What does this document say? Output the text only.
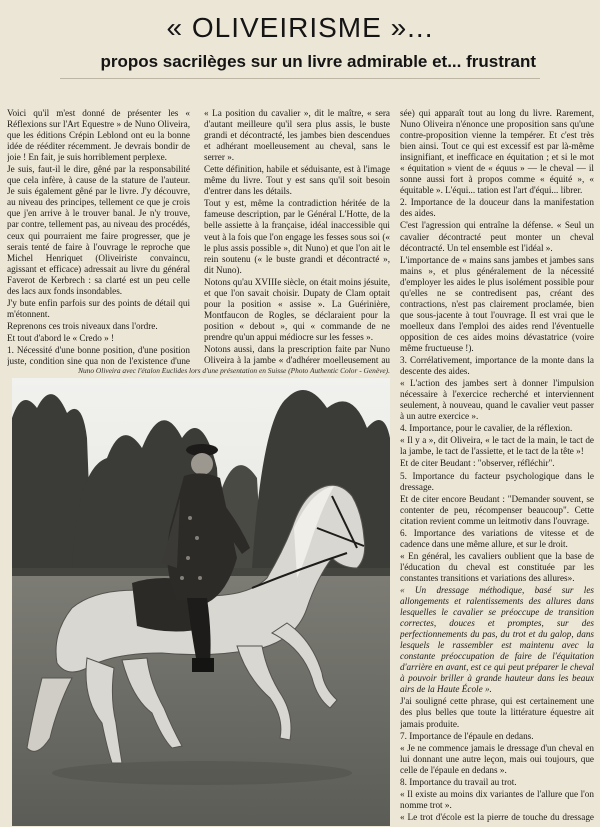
« OLIVEIRISME »...
propos sacrilèges sur un livre admirable et... frustrant

Voici qu'il m'est donné de présenter les « Réflexions sur l'Art Equestre » de Nuno Oliveira, que les éditions Crépin Leblond ont eu la bonne idée de rééditer récemment. Je devrais bondir de joie ! En fait, je suis horriblement perplexe.

Je suis, faut-il le dire, gêné par la responsabilité que cela infère, à cause de la stature de l'auteur. Je suis également gêné par le livre. J'y découvre, au niveau des principes, tellement ce que je crois que j'en arrive à le trouver banal. Je n'y trouve, par contre, tellement pas, au niveau des procédés, ceux qui pourraient me faire progresser, que je serais tenté de faire à l'ouvrage le reproche que Michel Henriquet (Oliveiriste convaincu, agissant et efficace) adressait au livre du général Faverot de Kerbrech : sa clarté est un peu celle des lacs aux fonds insondables.

J'y bute enfin parfois sur des points de détail qui m'étonnent.

Reprenons ces trois niveaux dans l'ordre.

Et tout d'abord le « Credo » !

1. Nécessité d'une bonne position, d'une position juste, condition sine qua non de l'existence d'une

« La position du cavalier », dit le maître, « sera d'autant meilleure qu'il sera plus assis, le buste grandi et décontracté, les jambes bien descendues et adhérant moelleusement au cheval, sans le serrer ».

Cette définition, habile et séduisante, est à l'image même du livre. Tout y est sans qu'il soit besoin d'entrer dans les détails.

Tout y est, même la contradiction héritée de la fameuse description, par le Général L'Hotte, de la belle assiette à la française, idéal inaccessible qui veut à la fois que l'on engage les fesses sous soi (« le plus assis possible », dit Nuno) et que l'on ait le rein soutenu (« le buste grandi et décontracté », dit Nuno).

Notons qu'au XVIIIe siècle, on était moins jésuite, et que l'on savait choisir. Dupaty de Clam optait pour la position « assise ». La Guérinière, Montfaucon de Rogles, se déclaraient pour la position « debout », qui « commande de ne prendre qu'un appui médiocre sur les fesses ».

Notons aussi, dans la prescription faite par Nuno Oliveira à la jambe « d'adhérer moelleusement au

sée) qui apparaît tout au long du livre. Rarement, Nuno Oliveira n'énonce une proposition sans qu'une contre-proposition vienne la tempérer. Et c'est très bien ainsi. Tout ce qui est excessif est par là-même insignifiant, et inefficace en équitation ; et si le mot « équitation » vient de « équus » — le cheval — il sonne aussi fort à propos comme « équité », « équitable ». L'équi... tation est l'art d'équi... librer.

2. Importance de la douceur dans la manifestation des aides.

C'est l'agression qui entraîne la défense. « Seul un cavalier décontracté peut monter un cheval décontracté. Un tel ensemble est l'idéal ».

L'importance de « mains sans jambes et jambes sans mains », et plus généralement de la nécessité d'employer les aides le plus isolément possible pour qu'elles ne se contredisent pas, créant des contractions, n'est pas clairement proclamée, bien que sous-jacente à tout l'ouvrage. Il est vrai que le moelleux dans l'emploi des aides rend l'éventuelle opposition de ces aides moins dévastatrice (voire même fructueuse !).

3. Corrélativement, importance de la monte dans la descente des aides.

« L'action des jambes sert à donner l'impulsion nécessaire à l'exercice recherché et interviennent seulement, à nouveau, quand le cavalier veut passer à un autre exercice ».

4. Importance, pour le cavalier, de la réflexion.

« Il y a », dit Oliveira, « le tact de la main, le tact de la jambe, le tact de l'assiette, et le tact de la tête »!

Et de citer Beudant : "observer, réfléchir".

5. Importance du facteur psychologique dans le dressage.

Et de citer encore Beudant : "Demander souvent, se contenter de peu, récompenser beaucoup". Cette citation revient comme un leitmotiv dans l'ouvrage.

6. Importance des variations de vitesse et de cadence dans une même allure, et sur le droit.

« En général, les cavaliers oublient que la base de l'éducation du cheval est constituée par les constantes transitions et variations des allures».

« Un dressage méthodique, basé sur les allongements et ralentissements des allures dans lesquelles le cavalier se préoccupe de transition correctes, douces et promptes, sur des perfectionnements du pas, du trot et du galop, dans lesquels le rassembler est maintenu avec la constante préoccupation de faire de l'équitation d'arrière en avant, est ce qui peut préparer le cheval à pouvoir briller à grande hauteur dans les beaux airs de la Haute École ».

J'ai souligné cette phrase, qui est certainement une des plus belles que toute la littérature équestre ait jamais produite.

7. Importance de l'épaule en dedans.

« Je ne commence jamais le dressage d'un cheval en lui donnant une autre leçon, mais oui toujours, que celle de l'épaule en dedans ».

8. Importance du travail au trot.

« Il existe au moins dix variantes de l'allure que l'on nomme trot ».

« Le trot d'école est la pierre de touche du dressage

Nuno Oliveira avec l'étalon Euclides lors d'une présentation en Suisse (Photo Authentic Color - Genève).
